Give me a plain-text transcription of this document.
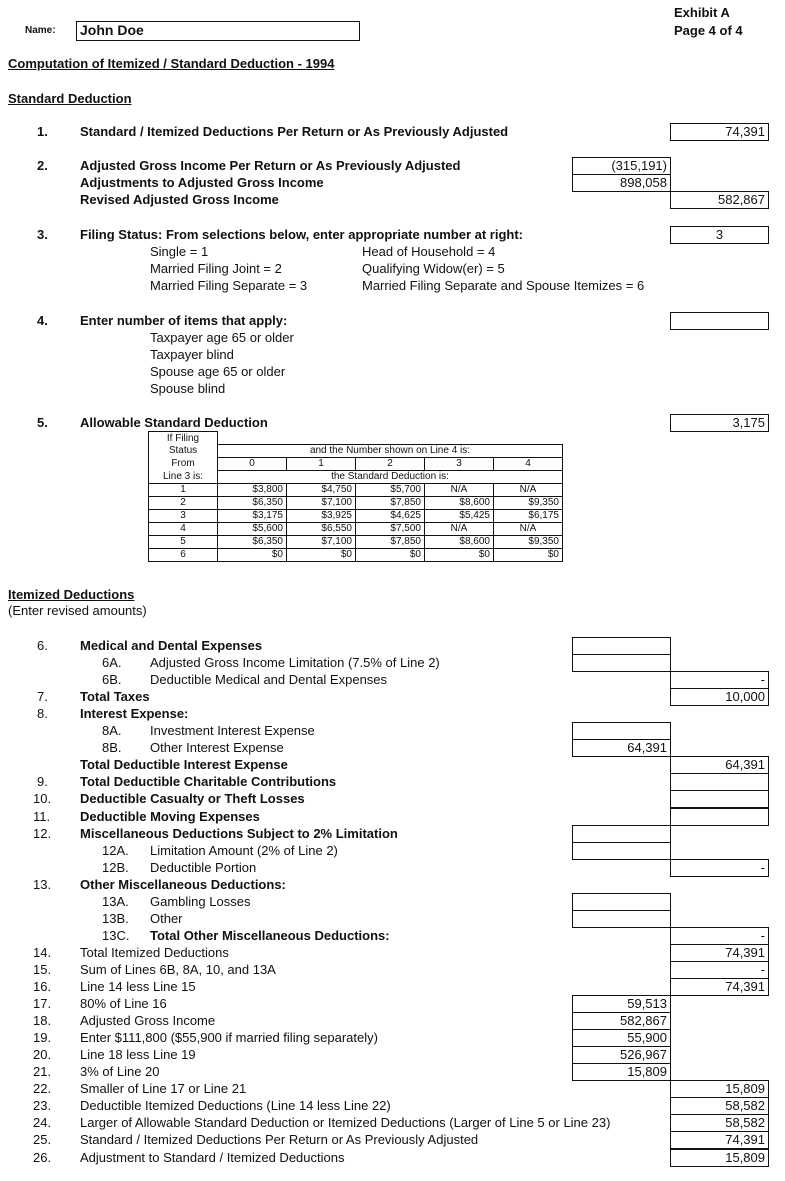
Name: John Doe
Exhibit A
Page 4 of 4
Computation of Itemized / Standard Deduction - 1994
Standard Deduction
1. Standard / Itemized Deductions Per Return or As Previously Adjusted	74,391
2. Adjusted Gross Income Per Return or As Previously Adjusted	(315,191)
Adjustments to Adjusted Gross Income	898,058
Revised Adjusted Gross Income	582,867
3. Filing Status: From selections below, enter appropriate number at right:	3
Single = 1
Married Filing Joint = 2
Married Filing Separate = 3
Head of Household = 4
Qualifying Widow(er) = 5
Married Filing Separate and Spouse Itemizes = 6
4. Enter number of items that apply:
Taxpayer age 65 or older
Taxpayer blind
Spouse age 65 or older
Spouse blind
5. Allowable Standard Deduction	3,175
If Filing					
Status	and the Number shown on Line 4 is:				
From	0	1	2	3	4
Line 3 is:	the Standard Deduction is:				
1	$3,800	$4,750	$5,700	N/A	N/A
2	$6,350	$7,100	$7,850	$8,600	$9,350
3	$3,175	$3,925	$4,625	$5,425	$6,175
4	$5,600	$6,550	$7,500	N/A	N/A
5	$6,350	$7,100	$7,850	$8,600	$9,350
6	$0	$0	$0	$0	$0
Itemized Deductions
(Enter revised amounts)
6. Medical and Dental Expenses
6A. Adjusted Gross Income Limitation (7.5% of Line 2)
6B. Deductible Medical and Dental Expenses	-
7. Total Taxes	10,000
8. Interest Expense:
8A. Investment Interest Expense
8B. Other Interest Expense	64,391
Total Deductible Interest Expense	64,391
9. Total Deductible Charitable Contributions
10. Deductible Casualty or Theft Losses
11. Deductible Moving Expenses
12. Miscellaneous Deductions Subject to 2% Limitation
12A. Limitation Amount (2% of Line 2)
12B. Deductible Portion	-
13. Other Miscellaneous Deductions:
13A. Gambling Losses
13B. Other
13C. Total Other Miscellaneous Deductions:	-
14. Total Itemized Deductions	74,391
15. Sum of Lines 6B, 8A, 10, and 13A	-
16. Line 14 less Line 15	74,391
17. 80% of Line 16	59,513
18. Adjusted Gross Income	582,867
19. Enter $111,800 ($55,900 if married filing separately)	55,900
20. Line 18 less Line 19	526,967
21. 3% of Line 20	15,809
22. Smaller of Line 17 or Line 21	15,809
23. Deductible Itemized Deductions (Line 14 less Line 22)	58,582
24. Larger of Allowable Standard Deduction or Itemized Deductions (Larger of Line 5 or Line 23)	58,582
25. Standard / Itemized Deductions Per Return or As Previously Adjusted	74,391
26. Adjustment to Standard / Itemized Deductions	15,809
